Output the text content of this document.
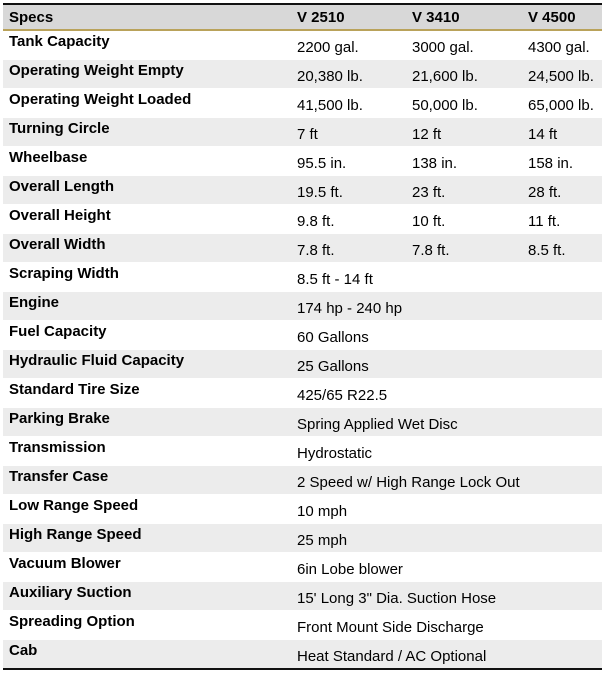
Specs	V 2510	V 3410	V 4500
Tank Capacity	2200 gal.	3000 gal.	4300 gal.
Operating Weight Empty	20,380 lb.	21,600 lb.	24,500 lb.
Operating Weight Loaded	41,500 lb.	50,000 lb.	65,000 lb.
Turning Circle	7 ft	12 ft	14 ft
Wheelbase	95.5 in.	138 in.	158 in.
Overall Length	19.5 ft.	23 ft.	28 ft.
Overall Height	9.8 ft.	10 ft.	11 ft.
Overall Width	7.8 ft.	7.8 ft.	8.5 ft.
Scraping Width	8.5 ft - 14 ft		
Engine	174 hp - 240 hp		
Fuel Capacity	60 Gallons		
Hydraulic Fluid Capacity	25 Gallons		
Standard Tire Size	425/65 R22.5		
Parking Brake	Spring Applied Wet Disc		
Transmission	Hydrostatic		
Transfer Case	2 Speed w/ High Range Lock Out		
Low Range Speed	10 mph		
High Range Speed	25 mph		
Vacuum Blower	6in Lobe blower		
Auxiliary Suction	15' Long 3" Dia. Suction Hose		
Spreading Option	Front Mount Side Discharge		
Cab	Heat Standard / AC Optional		
